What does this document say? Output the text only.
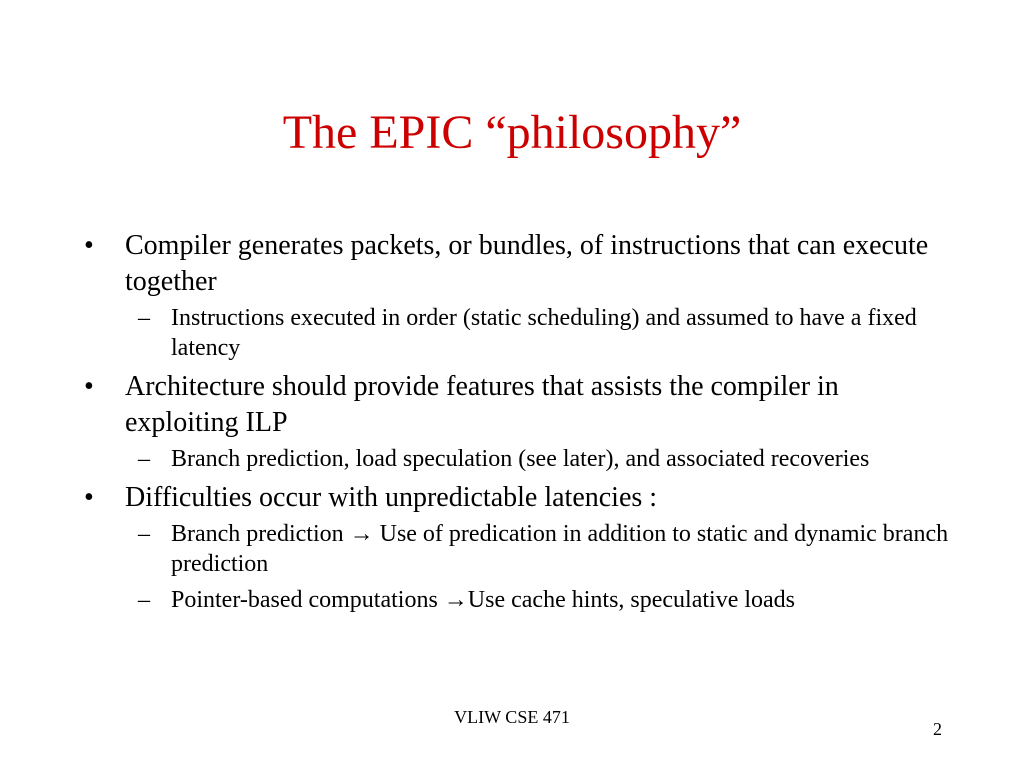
The EPIC “philosophy”
• Compiler generates packets, or bundles, of instructions that can execute together
– Instructions executed in order (static scheduling) and assumed to have a fixed latency
• Architecture should provide features that assists the compiler in exploiting ILP
– Branch prediction, load speculation (see later), and associated recoveries
• Difficulties occur with unpredictable latencies :
– Branch prediction → Use of predication in addition to static and dynamic branch prediction
– Pointer-based computations →Use cache hints, speculative loads
VLIW CSE 471
2
